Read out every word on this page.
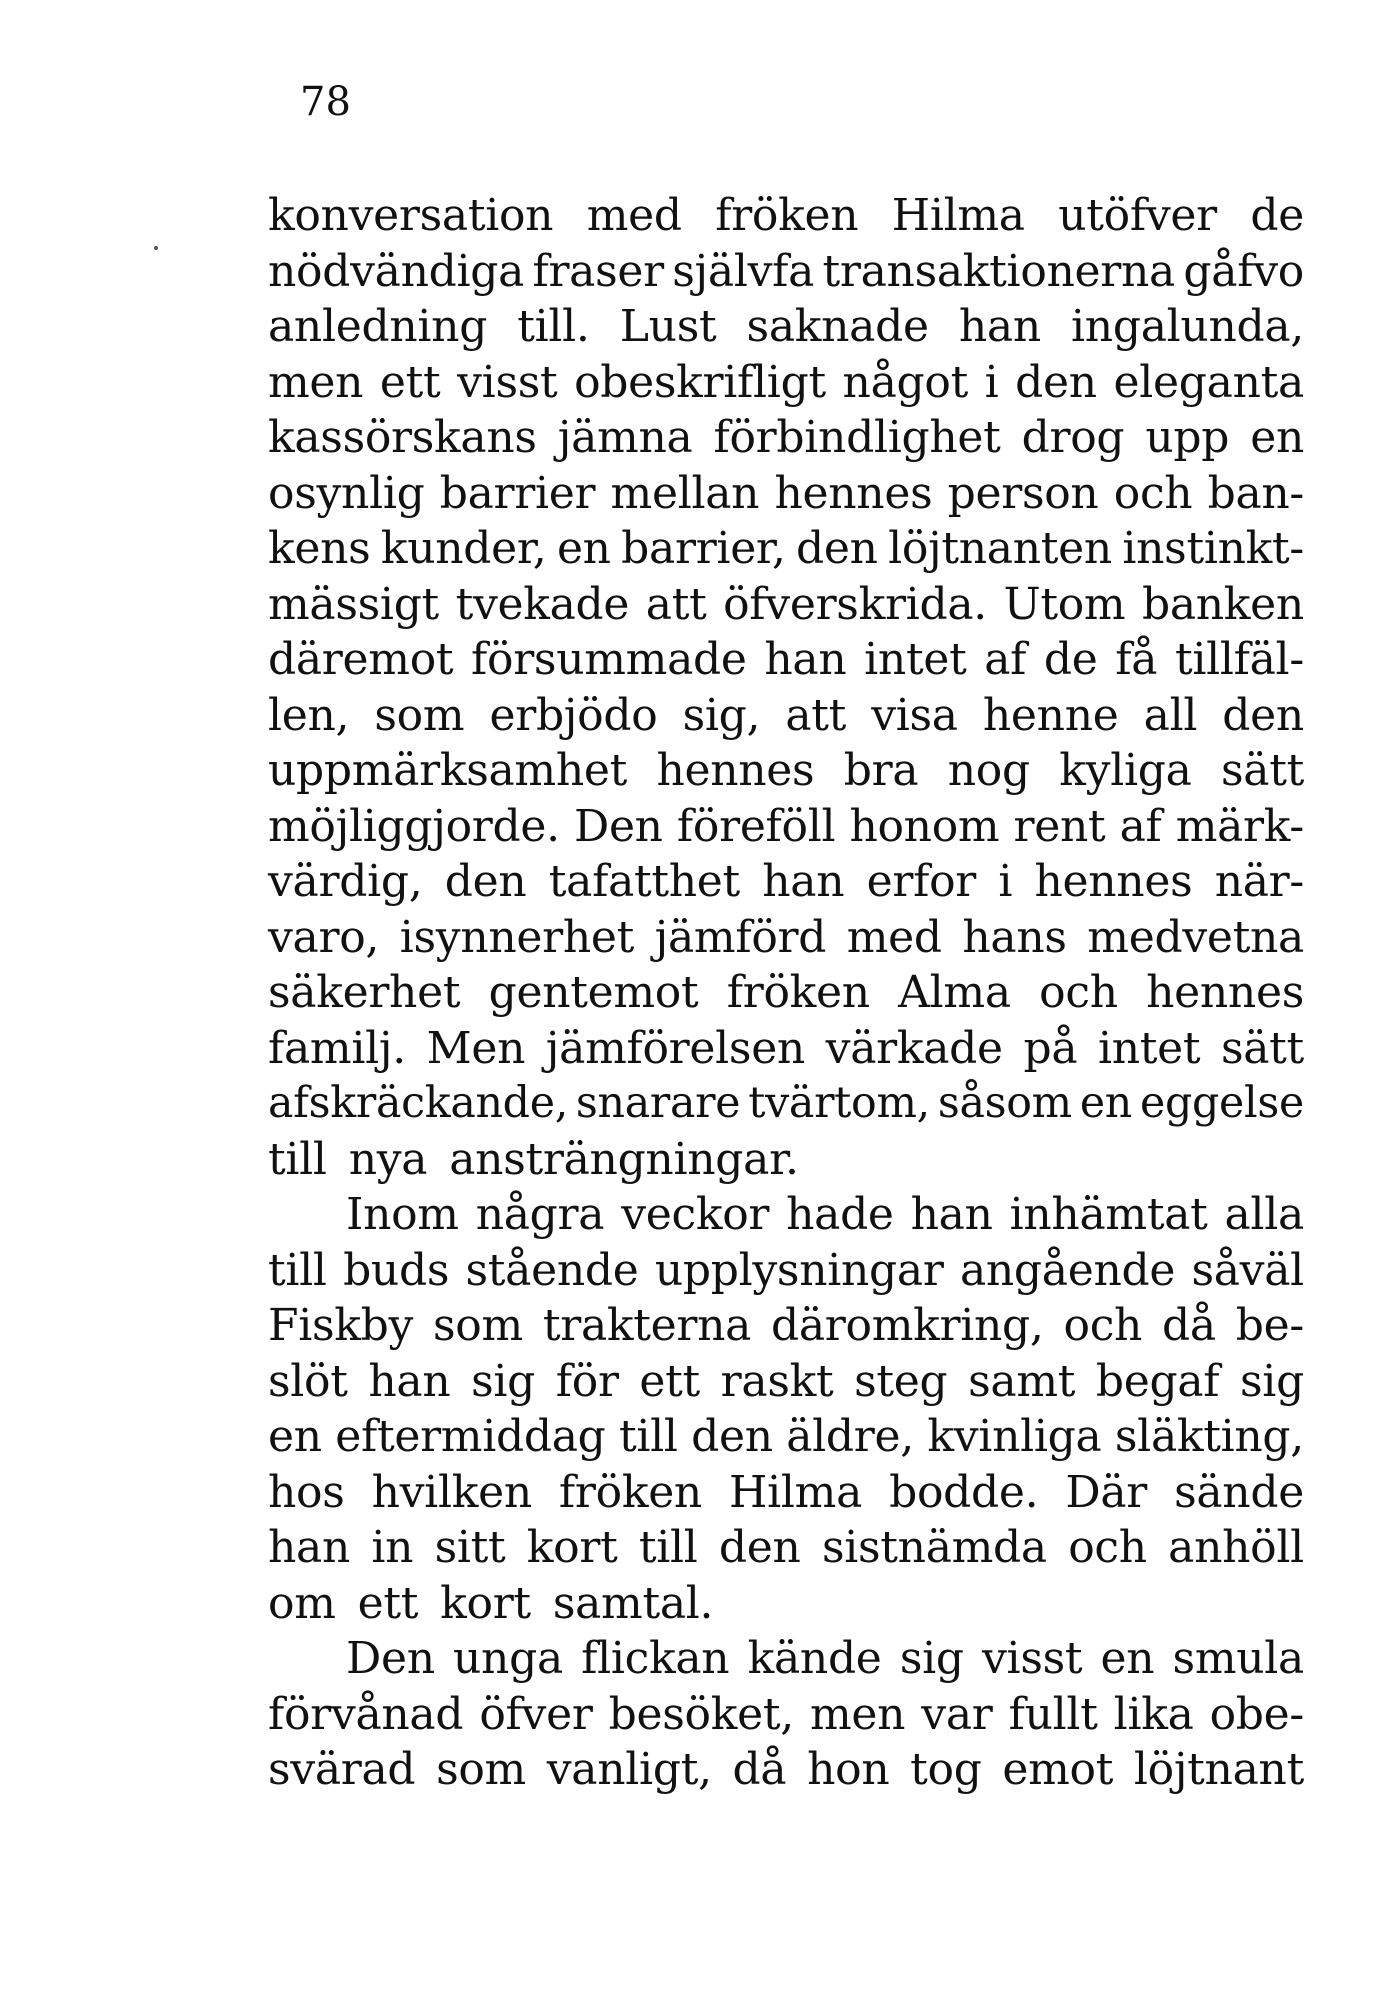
78
konversation med fröken Hilma utöfver de
nödvändiga fraser självfa transaktionerna gåfvo
anledning till. Lust saknade han ingalunda,
men ett visst obeskrifligt något i den eleganta
kassörskans jämna förbindlighet drog upp en
osynlig barrier mellan hennes person och ban-
kens kunder, en barrier, den löjtnanten instinkt-
mässigt tvekade att öfverskrida. Utom banken
däremot försummade han intet af de få tillfäl-
len, som erbjödo sig, att visa henne all den
uppmärksamhet hennes bra nog kyliga sätt
möjliggjorde. Den föreföll honom rent af märk-
värdig, den tafatthet han erfor i hennes när-
varo, isynnerhet jämförd med hans medvetna
säkerhet gentemot fröken Alma och hennes
familj. Men jämförelsen värkade på intet sätt
afskräckande, snarare tvärtom, såsom en eggelse
till nya ansträngningar.
Inom några veckor hade han inhämtat alla
till buds stående upplysningar angående såväl
Fiskby som trakterna däromkring, och då be-
slöt han sig för ett raskt steg samt begaf sig
en eftermiddag till den äldre, kvinliga släkting,
hos hvilken fröken Hilma bodde. Där sände
han in sitt kort till den sistnämda och anhöll
om ett kort samtal.
Den unga flickan kände sig visst en smula
förvånad öfver besöket, men var fullt lika obe-
svärad som vanligt, då hon tog emot löjtnant
